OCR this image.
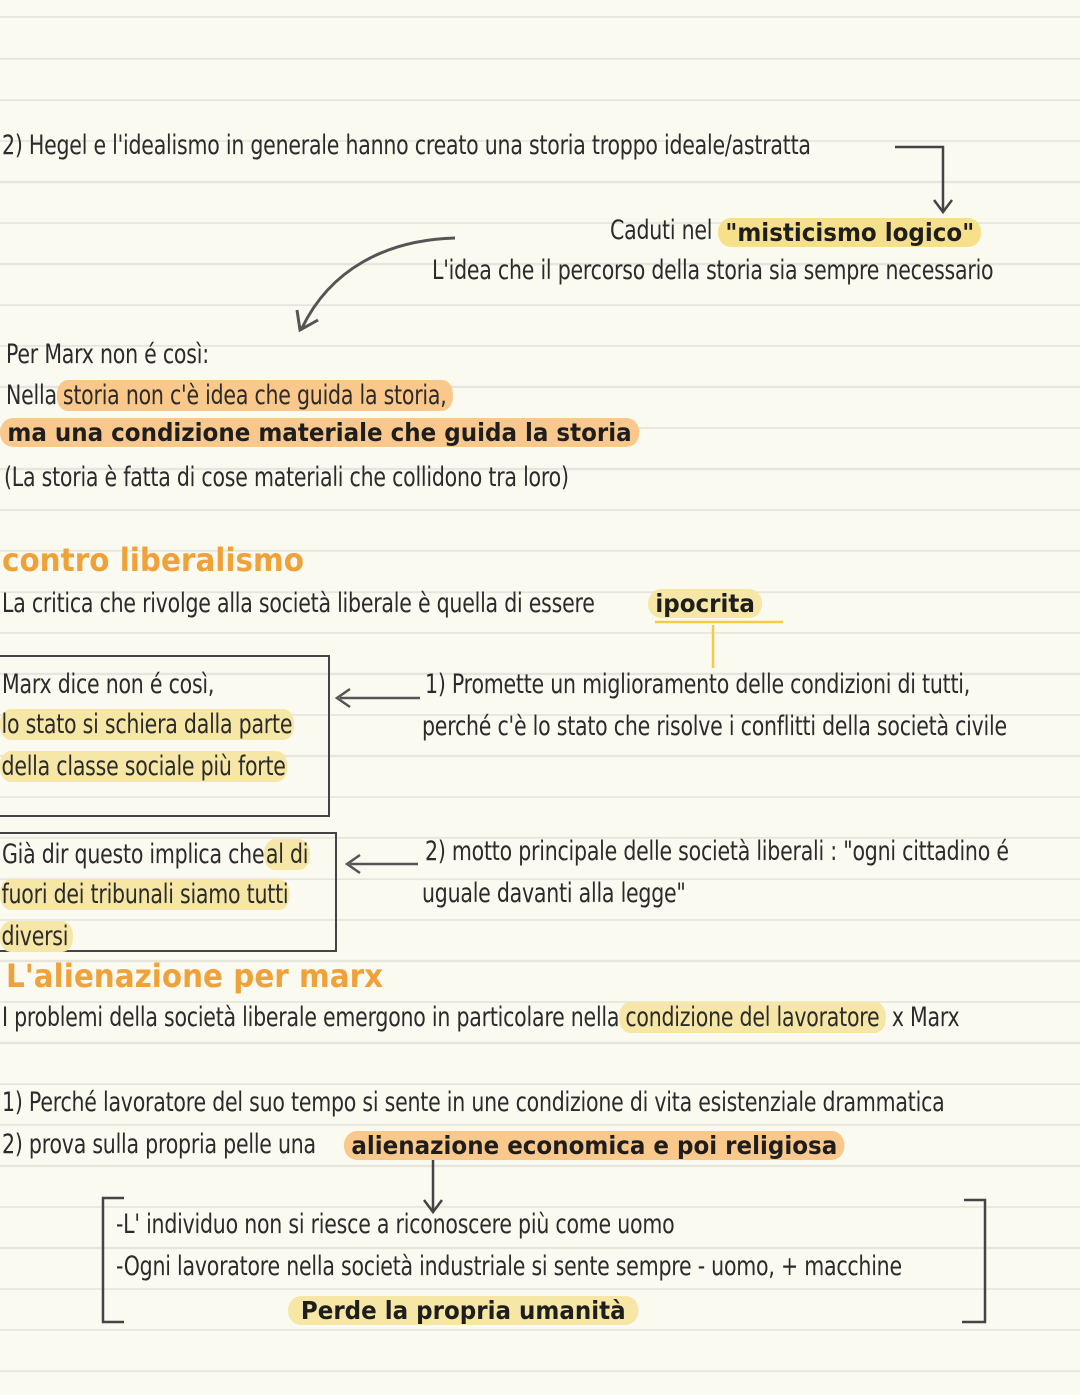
2) Hegel e l'idealismo in generale hanno creato una storia troppo ideale/astratta
Caduti nel "misticismo logico"
L'idea che il percorso della storia sia sempre necessario
Per Marx non é così:
Nella storia non c'è idea che guida la storia,
ma una condizione materiale che guida la storia
(La storia è fatta di cose materiali che collidono tra loro)
contro liberalismo
La critica che rivolge alla società liberale è quella di essere ipocrita
Marx dice non é così,
lo stato si schiera dalla parte
della classe sociale più forte
1) Promette un miglioramento delle condizioni di tutti,
perché c'è lo stato che risolve i conflitti della società civile
Già dir questo implica cheal di
fuori dei tribunali siamo tutti
diversi
2) motto principale delle società liberali : "ogni cittadino é
uguale davanti alla legge"
L'alienazione per marx
I problemi della società liberale emergono in particolare nella condizione del lavoratore x Marx
1) Perché lavoratore del suo tempo si sente in une condizione di vita esistenziale drammatica
2) prova sulla propria pelle una alienazione economica e poi religiosa
-L' individuo non si riesce a riconoscere più come uomo
-Ogni lavoratore nella società industriale si sente sempre - uomo, + macchine
Perde la propria umanità
